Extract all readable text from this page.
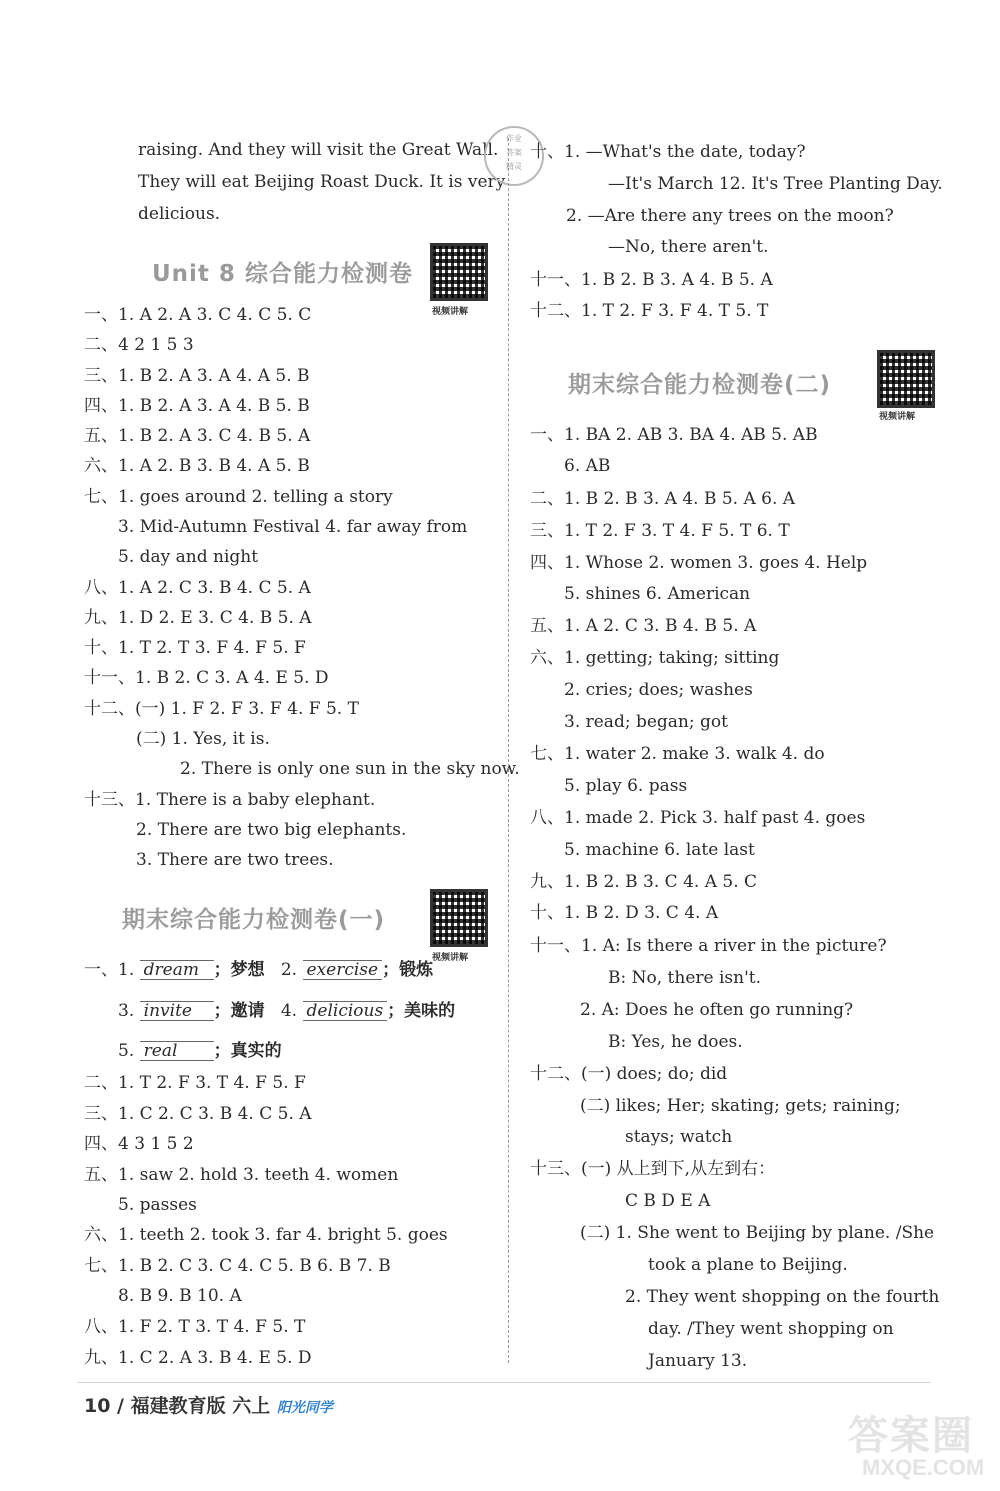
raising. And they will visit the Great Wall.
They will eat Beijing Roast Duck. It is very
delicious.
作业
答案
精灵
Unit 8 综合能力检测卷
视频讲解
一、1. A 2. A 3. C 4. C 5. C
二、4 2 1 5 3
三、1. B 2. A 3. A 4. A 5. B
四、1. B 2. A 3. A 4. B 5. B
五、1. B 2. A 3. C 4. B 5. A
六、1. A 2. B 3. B 4. A 5. B
七、1. goes around 2. telling a story
3. Mid-Autumn Festival 4. far away from
5. day and night
八、1. A 2. C 3. B 4. C 5. A
九、1. D 2. E 3. C 4. B 5. A
十、1. T 2. T 3. F 4. F 5. F
十一、1. B 2. C 3. A 4. E 5. D
十二、(一) 1. F 2. F 3. F 4. F 5. T
(二) 1. Yes, it is.
2. There is only one sun in the sky now.
十三、1. There is a baby elephant.
2. There are two big elephants.
3. There are two trees.
期末综合能力检测卷(一)
视频讲解
一、1. dream ；梦想 2. exercise ；锻炼
3. invite ；邀请 4. delicious ；美味的
5. real ；真实的
二、1. T 2. F 3. T 4. F 5. F
三、1. C 2. C 3. B 4. C 5. A
四、4 3 1 5 2
五、1. saw 2. hold 3. teeth 4. women
5. passes
六、1. teeth 2. took 3. far 4. bright 5. goes
七、1. B 2. C 3. C 4. C 5. B 6. B 7. B
8. B 9. B 10. A
八、1. F 2. T 3. T 4. F 5. T
九、1. C 2. A 3. B 4. E 5. D
十、1. —What's the date, today?
—It's March 12. It's Tree Planting Day.
2. —Are there any trees on the moon?
—No, there aren't.
十一、1. B 2. B 3. A 4. B 5. A
十二、1. T 2. F 3. F 4. T 5. T
期末综合能力检测卷(二)
视频讲解
一、1. BA 2. AB 3. BA 4. AB 5. AB
6. AB
二、1. B 2. B 3. A 4. B 5. A 6. A
三、1. T 2. F 3. T 4. F 5. T 6. T
四、1. Whose 2. women 3. goes 4. Help
5. shines 6. American
五、1. A 2. C 3. B 4. B 5. A
六、1. getting; taking; sitting
2. cries; does; washes
3. read; began; got
七、1. water 2. make 3. walk 4. do
5. play 6. pass
八、1. made 2. Pick 3. half past 4. goes
5. machine 6. late last
九、1. B 2. B 3. C 4. A 5. C
十、1. B 2. D 3. C 4. A
十一、1. A: Is there a river in the picture?
B: No, there isn't.
2. A: Does he often go running?
B: Yes, he does.
十二、(一) does; do; did
(二) likes; Her; skating; gets; raining;
stays; watch
十三、(一) 从上到下,从左到右：
C B D E A
(二) 1. She went to Beijing by plane. /She
took a plane to Beijing.
2. They went shopping on the fourth
day. /They went shopping on
January 13.
10 / 福建教育版 六上 阳光同学
答案圈
MXQE.COM
